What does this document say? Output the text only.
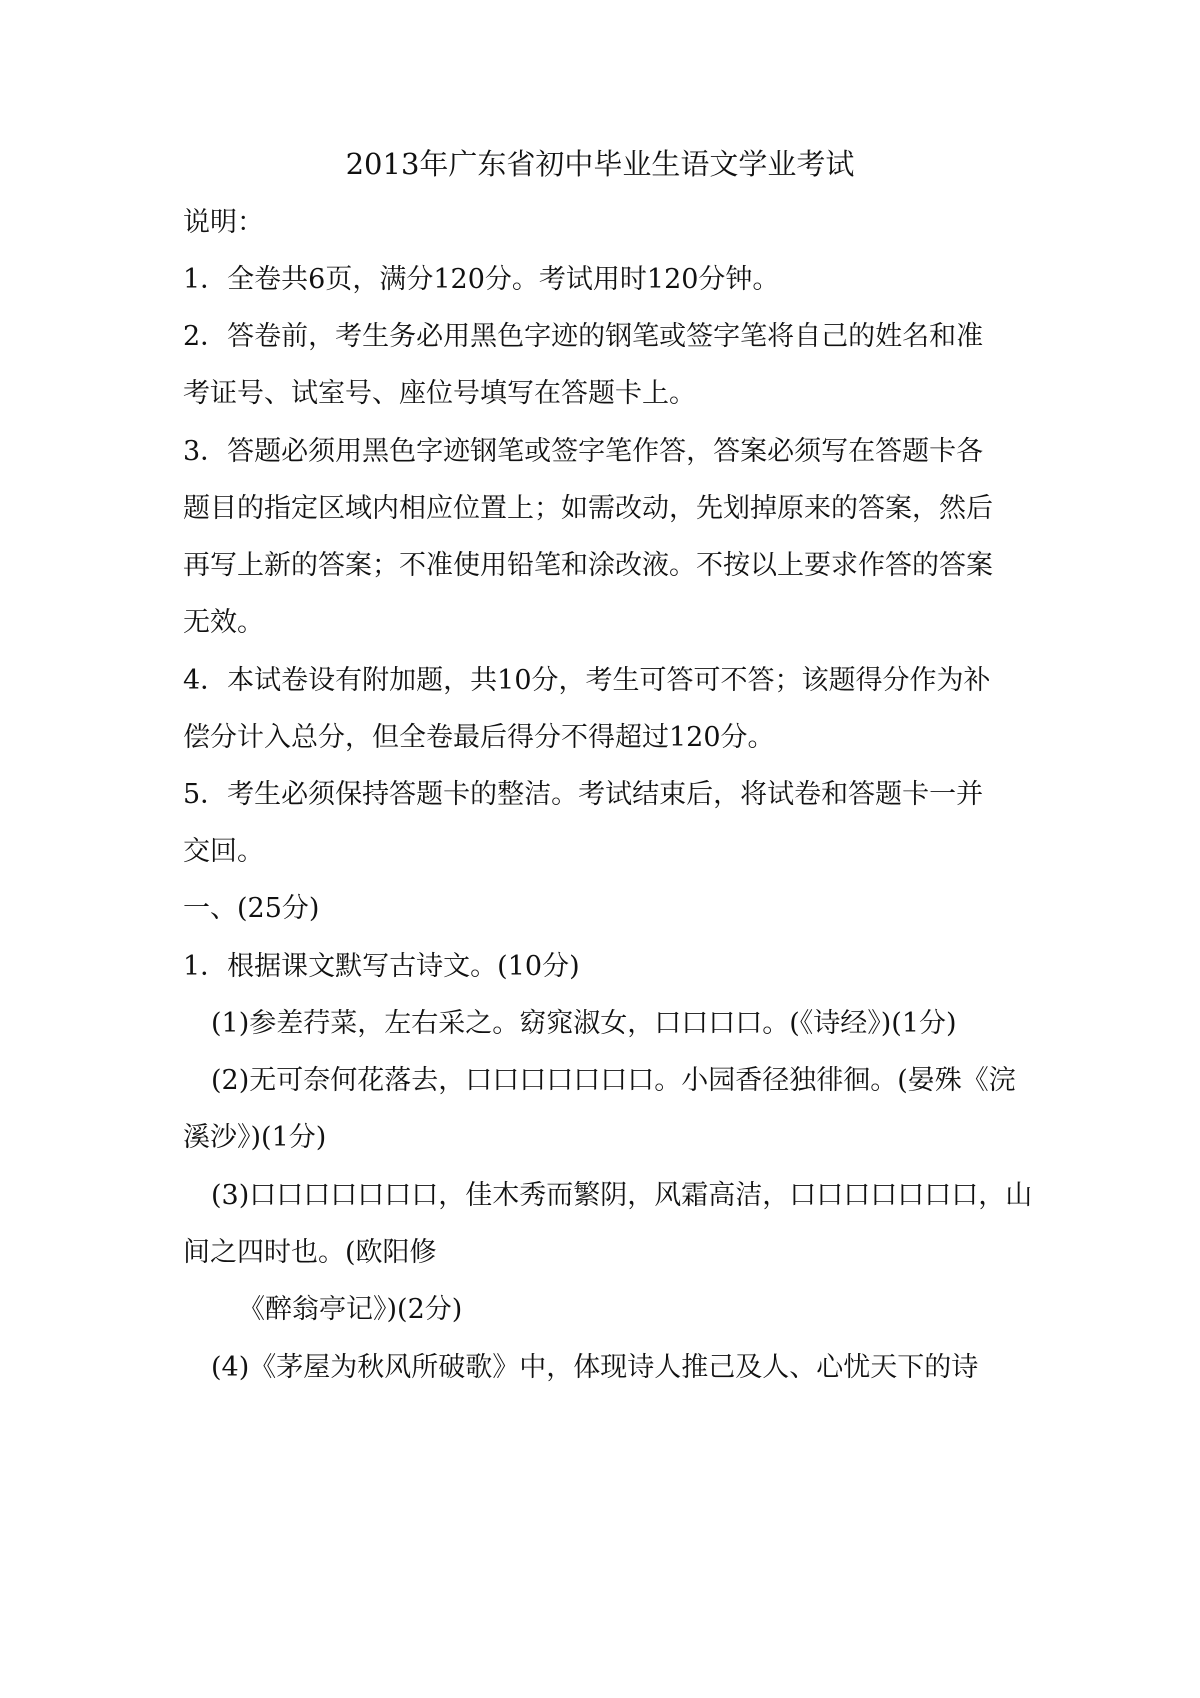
2013年广东省初中毕业生语文学业考试
说明：
1．全卷共6页，满分120分。考试用时120分钟。
2．答卷前，考生务必用黑色字迹的钢笔或签字笔将自己的姓名和准
考证号、试室号、座位号填写在答题卡上。
3．答题必须用黑色字迹钢笔或签字笔作答，答案必须写在答题卡各
题目的指定区域内相应位置上；如需改动，先划掉原来的答案，然后
再写上新的答案；不准使用铅笔和涂改液。不按以上要求作答的答案
无效。
4．本试卷设有附加题，共10分，考生可答可不答；该题得分作为补
偿分计入总分，但全卷最后得分不得超过120分。
5．考生必须保持答题卡的整洁。考试结束后，将试卷和答题卡一并
交回。
一、(25分)
1．根据课文默写古诗文。(10分)
(1)参差荇菜，左右采之。窈窕淑女，口口口口。(《诗经》)(1分)
(2)无可奈何花落去，口口口口口口口。小园香径独徘徊。(晏殊《浣
溪沙》)(1分)
(3)口口口口口口口，佳木秀而繁阴，风霜高洁，口口口口口口口，山
间之四时也。(欧阳修
《醉翁亭记》)(2分)
(4)《茅屋为秋风所破歌》中，体现诗人推己及人、心忧天下的诗
